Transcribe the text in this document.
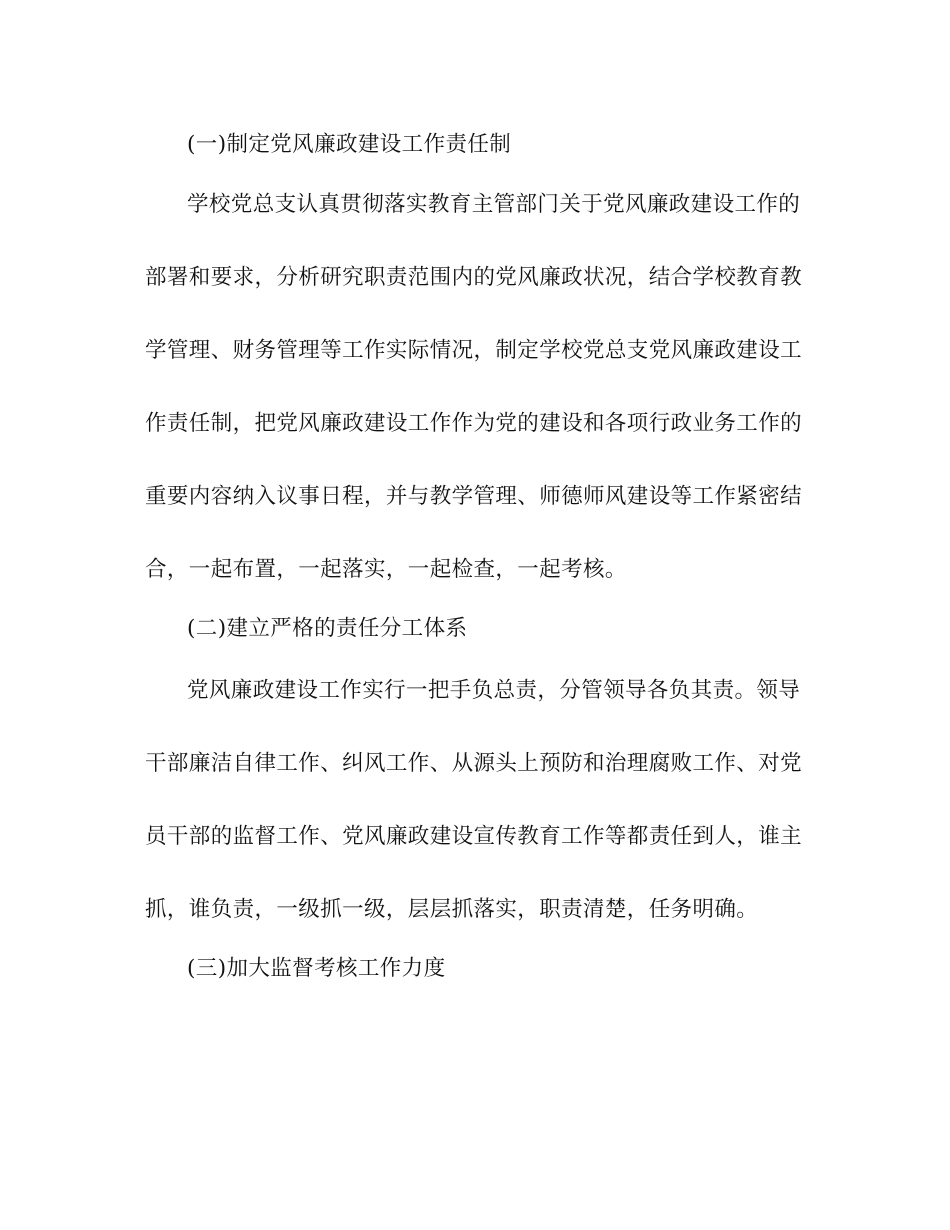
(一)制定党风廉政建设工作责任制
学校党总支认真贯彻落实教育主管部门关于党风廉政建设工作的
部署和要求，分析研究职责范围内的党风廉政状况，结合学校教育教
学管理、财务管理等工作实际情况，制定学校党总支党风廉政建设工
作责任制，把党风廉政建设工作作为党的建设和各项行政业务工作的
重要内容纳入议事日程，并与教学管理、师德师风建设等工作紧密结
合，一起布置，一起落实，一起检查，一起考核。
(二)建立严格的责任分工体系
党风廉政建设工作实行一把手负总责，分管领导各负其责。领导
干部廉洁自律工作、纠风工作、从源头上预防和治理腐败工作、对党
员干部的监督工作、党风廉政建设宣传教育工作等都责任到人，谁主
抓，谁负责，一级抓一级，层层抓落实，职责清楚，任务明确。
(三)加大监督考核工作力度
